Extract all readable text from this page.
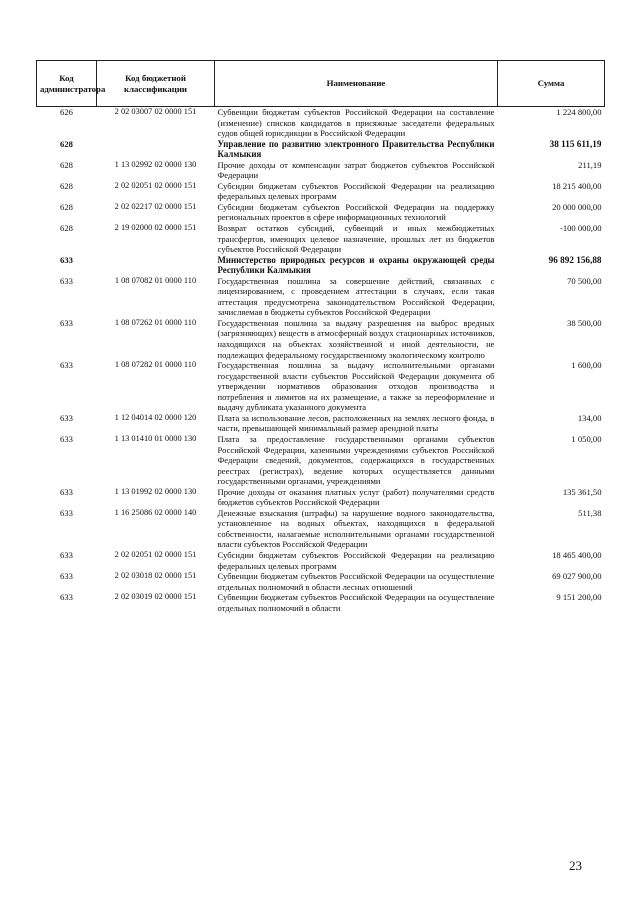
Код администратора	Код бюджетной классификации	Наименование	Сумма
626	2 02 03007 02 0000 151	Субвенции бюджетам субъектов Российской Федерации на составление (изменение) списков кандидатов в присяжные заседатели федеральных судов общей юрисдикции в Российской Федерации	1 224 800,00
628		Управление по развитию электронного Правительства Республики Калмыкия	38 115 611,19
628	1 13 02992 02 0000 130	Прочие доходы от компенсации затрат бюджетов субъектов Российской Федерации	211,19
628	2 02 02051 02 0000 151	Субсидии бюджетам субъектов Российской Федерации на реализацию федеральных целевых программ	18 215 400,00
628	2 02 02217 02 0000 151	Субсидии бюджетам субъектов Российской Федерации на поддержку региональных проектов в сфере информационных технологий	20 000 000,00
628	2 19 02000 02 0000 151	Возврат остатков субсидий, субвенций и иных межбюджетных трансфертов, имеющих целевое назначение, прошлых лет из бюджетов субъектов Российской Федерации	-100 000,00
633		Министерство природных ресурсов и охраны окружающей среды Республики Калмыкия	96 892 156,88
633	1 08 07082 01 0000 110	Государственная пошлина за совершение действий, связанных с лицензированием, с проведением аттестации в случаях, если такая аттестация предусмотрена законодательством Российской Федерации, зачисляемая в бюджеты субъектов Российской Федерации	70 500,00
633	1 08 07262 01 0000 110	Государственная пошлина за выдачу разрешения на выброс вредных (загрязняющих) веществ в атмосферный воздух стационарных источников, находящихся на объектах хозяйственной и иной деятельности, не подлежащих федеральному государственному экологическому контролю	38 500,00
633	1 08 07282 01 0000 110	Государственная пошлина за выдачу исполнительными органами государственной власти субъектов Российской Федерации документа об утверждении нормативов образования отходов производства и потребления и лимитов на их размещение, а также за переоформление и выдачу дубликата указанного документа	1 600,00
633	1 12 04014 02 0000 120	Плата за использование лесов, расположенных на землях лесного фонда, в части, превышающей минимальный размер арендной платы	134,00
633	1 13 01410 01 0000 130	Плата за предоставление государственными органами субъектов Российской Федерации, казенными учреждениями субъектов Российской Федерации сведений, документов, содержащихся в государственных реестрах (регистрах), ведение которых осуществляется данными государственными органами, учреждениями	1 050,00
633	1 13 01992 02 0000 130	Прочие доходы от оказания платных услуг (работ) получателями средств бюджетов субъектов Российской Федерации	135 361,50
633	1 16 25086 02 0000 140	Денежные взыскания (штрафы) за нарушение водного законодательства, установленное на водных объектах, находящихся в федеральной собственности, налагаемые исполнительными органами государственной власти субъектов Российской Федерации	511,38
633	2 02 02051 02 0000 151	Субсидии бюджетам субъектов Российской Федерации на реализацию федеральных целевых программ	18 465 400,00
633	2 02 03018 02 0000 151	Субвенции бюджетам субъектов Российской Федерации на осуществление отдельных полномочий в области лесных отношений	69 027 900,00
633	2 02 03019 02 0000 151	Субвенции бюджетам субъектов Российской Федерации на осуществление отдельных полномочий в области	9 151 200,00
23
